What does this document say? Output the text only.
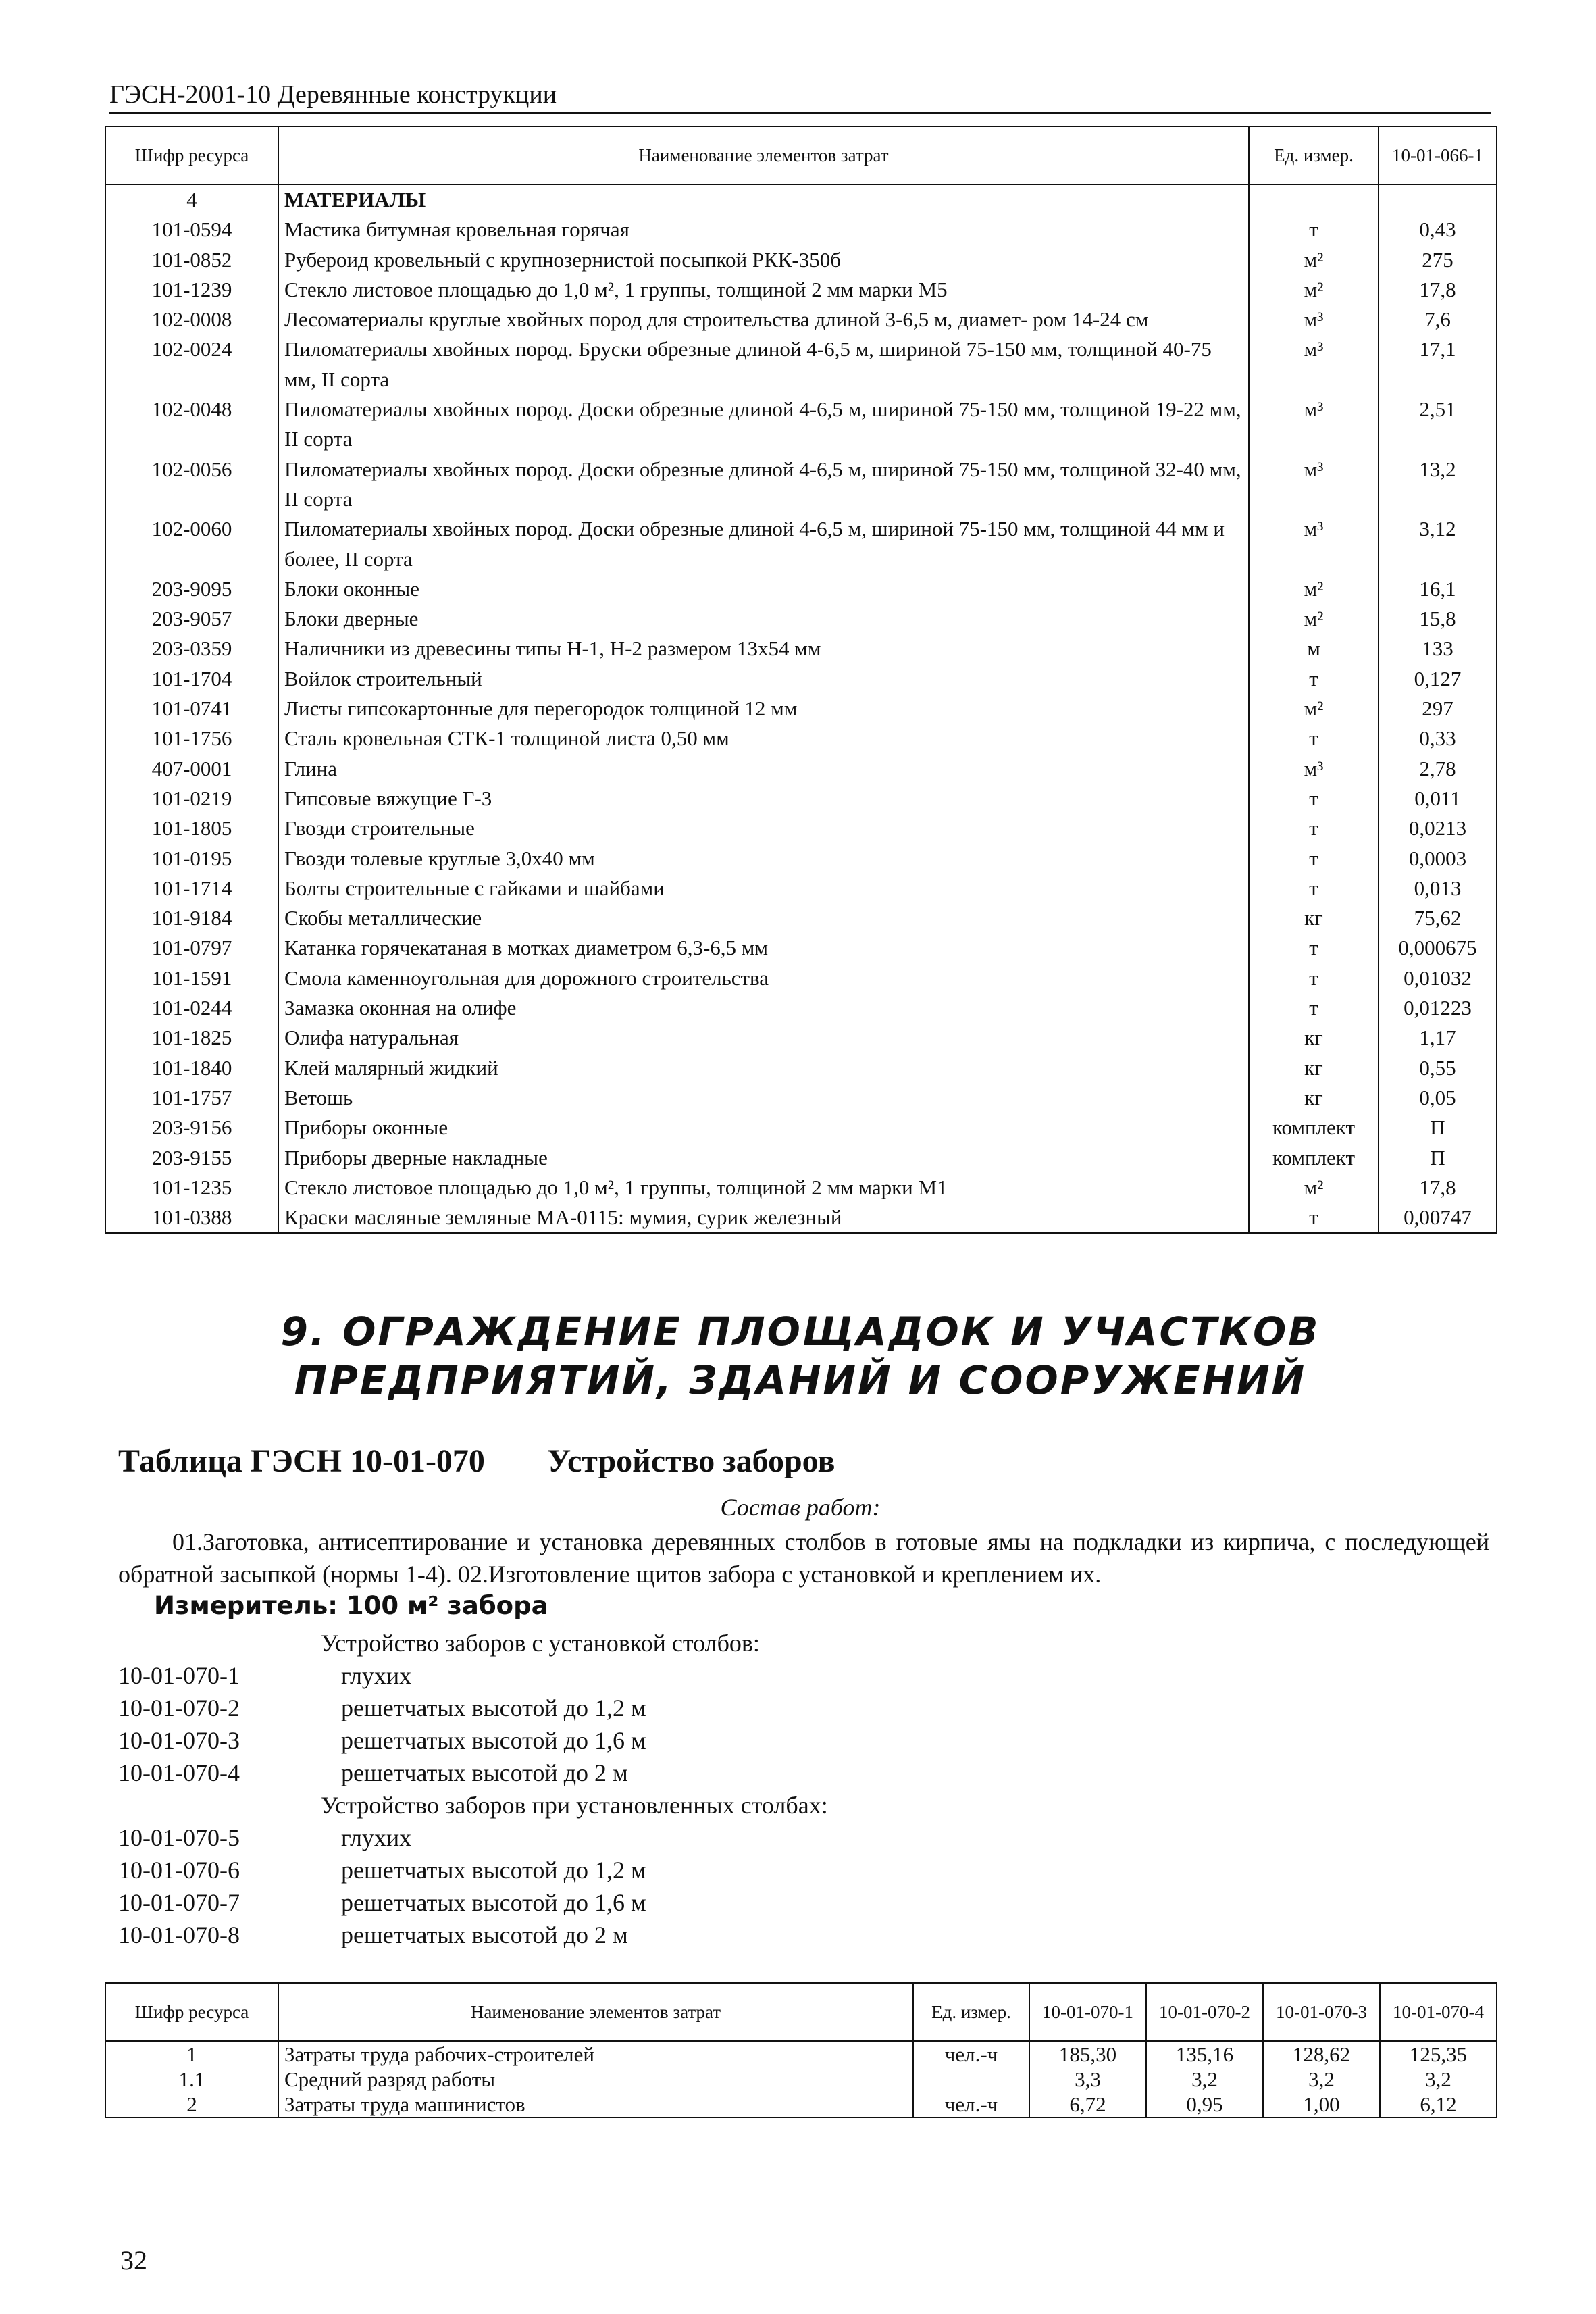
ГЭСН-2001-10 Деревянные конструкции
Шифр ресурса	Наименование элементов затрат	Ед. измер.	10-01-066-1
4	МАТЕРИАЛЫ		
101-0594	Мастика битумная кровельная горячая	т	0,43
101-0852	Рубероид кровельный с крупнозернистой посыпкой РКК-350б	м²	275
101-1239	Стекло листовое площадью до 1,0 м², 1 группы, толщиной 2 мм марки М5	м²	17,8
102-0008	Лесоматериалы круглые хвойных пород для строительства длиной 3-6,5 м, диамет- ром 14-24 см	м³	7,6
102-0024	Пиломатериалы хвойных пород. Бруски обрезные длиной 4-6,5 м, шириной 75-150 мм, толщиной 40-75 мм, II сорта	м³	17,1
102-0048	Пиломатериалы хвойных пород. Доски обрезные длиной 4-6,5 м, шириной 75-150 мм, толщиной 19-22 мм, II сорта	м³	2,51
102-0056	Пиломатериалы хвойных пород. Доски обрезные длиной 4-6,5 м, шириной 75-150 мм, толщиной 32-40 мм, II сорта	м³	13,2
102-0060	Пиломатериалы хвойных пород. Доски обрезные длиной 4-6,5 м, шириной 75-150 мм, толщиной 44 мм и более, II сорта	м³	3,12
203-9095	Блоки оконные	м²	16,1
203-9057	Блоки дверные	м²	15,8
203-0359	Наличники из древесины типы Н-1, Н-2 размером 13x54 мм	м	133
101-1704	Войлок строительный	т	0,127
101-0741	Листы гипсокартонные для перегородок толщиной 12 мм	м²	297
101-1756	Сталь кровельная СТК-1 толщиной листа 0,50 мм	т	0,33
407-0001	Глина	м³	2,78
101-0219	Гипсовые вяжущие Г-3	т	0,011
101-1805	Гвозди строительные	т	0,0213
101-0195	Гвозди толевые круглые 3,0x40 мм	т	0,0003
101-1714	Болты строительные с гайками и шайбами	т	0,013
101-9184	Скобы металлические	кг	75,62
101-0797	Катанка горячекатаная в мотках диаметром 6,3-6,5 мм	т	0,000675
101-1591	Смола каменноугольная для дорожного строительства	т	0,01032
101-0244	Замазка оконная на олифе	т	0,01223
101-1825	Олифа натуральная	кг	1,17
101-1840	Клей малярный жидкий	кг	0,55
101-1757	Ветошь	кг	0,05
203-9156	Приборы оконные	комплект	П
203-9155	Приборы дверные накладные	комплект	П
101-1235	Стекло листовое площадью до 1,0 м², 1 группы, толщиной 2 мм марки М1	м²	17,8
101-0388	Краски масляные земляные МА-0115: мумия, сурик железный	т	0,00747
9. ОГРАЖДЕНИЕ ПЛОЩАДОК И УЧАСТКОВ ПРЕДПРИЯТИЙ, ЗДАНИЙ И СООРУЖЕНИЙ
Таблица ГЭСН 10-01-070 Устройство заборов
Состав работ:
01.Заготовка, антисептирование и установка деревянных столбов в готовые ямы на подкладки из кирпича, с последующей обратной засыпкой (нормы 1-4). 02.Изготовление щитов забора с установкой и креплением их.
Измеритель: 100 м² забора
Устройство заборов с установкой столбов:
10-01-070-1	глухих
10-01-070-2	решетчатых высотой до 1,2 м
10-01-070-3	решетчатых высотой до 1,6 м
10-01-070-4	решетчатых высотой до 2 м
Устройство заборов при установленных столбах:
10-01-070-5	глухих
10-01-070-6	решетчатых высотой до 1,2 м
10-01-070-7	решетчатых высотой до 1,6 м
10-01-070-8	решетчатых высотой до 2 м
Шифр ресурса	Наименование элементов затрат	Ед. измер.	10-01-070-1	10-01-070-2	10-01-070-3	10-01-070-4
1	Затраты труда рабочих-строителей	чел.-ч	185,30	135,16	128,62	125,35
1.1	Средний разряд работы		3,3	3,2	3,2	3,2
2	Затраты труда машинистов	чел.-ч	6,72	0,95	1,00	6,12
32
